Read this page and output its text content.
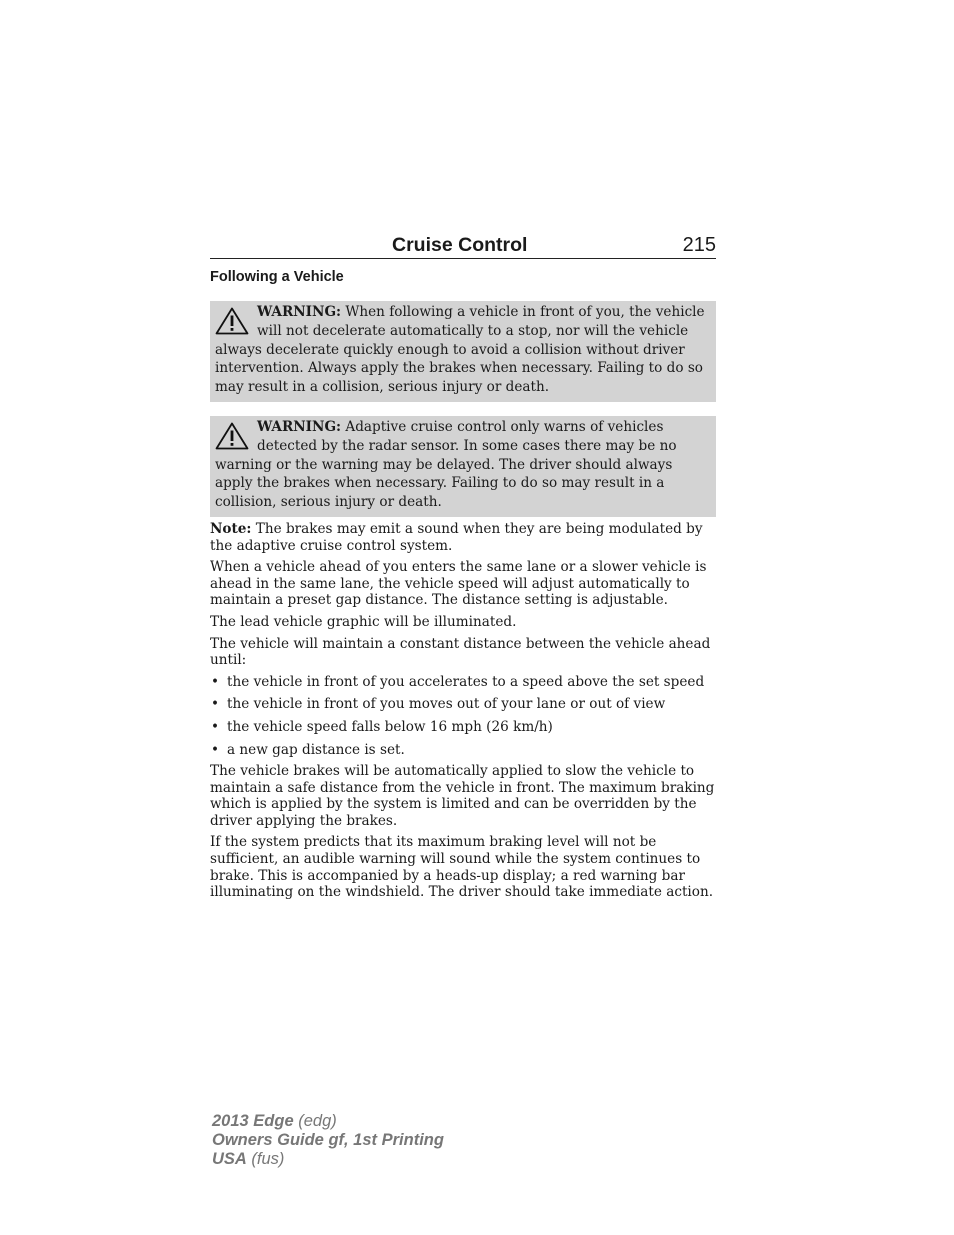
Cruise Control	215
Following a Vehicle
WARNING: When following a vehicle in front of you, the vehicle will not decelerate automatically to a stop, nor will the vehicle always decelerate quickly enough to avoid a collision without driver intervention. Always apply the brakes when necessary. Failing to do so may result in a collision, serious injury or death.
WARNING: Adaptive cruise control only warns of vehicles detected by the radar sensor. In some cases there may be no warning or the warning may be delayed. The driver should always apply the brakes when necessary. Failing to do so may result in a collision, serious injury or death.

Note: The brakes may emit a sound when they are being modulated by the adaptive cruise control system.

When a vehicle ahead of you enters the same lane or a slower vehicle is ahead in the same lane, the vehicle speed will adjust automatically to maintain a preset gap distance. The distance setting is adjustable.

The lead vehicle graphic will be illuminated.

The vehicle will maintain a constant distance between the vehicle ahead until:

• the vehicle in front of you accelerates to a speed above the set speed
• the vehicle in front of you moves out of your lane or out of view
• the vehicle speed falls below 16 mph (26 km/h)
• a new gap distance is set.

The vehicle brakes will be automatically applied to slow the vehicle to maintain a safe distance from the vehicle in front. The maximum braking which is applied by the system is limited and can be overridden by the driver applying the brakes.

If the system predicts that its maximum braking level will not be sufficient, an audible warning will sound while the system continues to brake. This is accompanied by a heads-up display; a red warning bar illuminating on the windshield. The driver should take immediate action.

2013 Edge (edg)
Owners Guide gf, 1st Printing
USA (fus)
